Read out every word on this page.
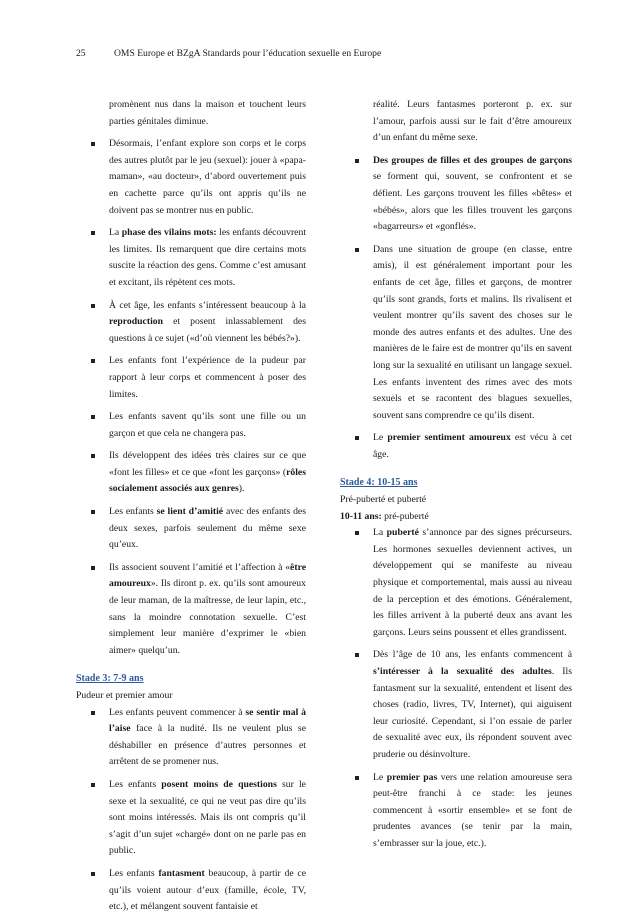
25	OMS Europe et BZgA Standards pour l’éducation sexuelle en Europe
promènent nus dans la maison et touchent leurs parties génitales diminue.
Désormais, l’enfant explore son corps et le corps des autres plutôt par le jeu (sexuel): jouer à «papa-maman», «au docteur», d’abord ouvertement puis en cachette parce qu’ils ont appris qu’ils ne doivent pas se montrer nus en public.
La phase des vilains mots: les enfants découvrent les limites. Ils remarquent que dire certains mots suscite la réaction des gens. Comme c’est amusant et excitant, ils répètent ces mots.
À cet âge, les enfants s’intéressent beaucoup à la reproduction et posent inlassablement des questions à ce sujet («d’où viennent les bébés?»).
Les enfants font l’expérience de la pudeur par rapport à leur corps et commencent à poser des limites.
Les enfants savent qu’ils sont une fille ou un garçon et que cela ne changera pas.
Ils développent des idées très claires sur ce que «font les filles» et ce que «font les garçons» (rôles socialement associés aux genres).
Les enfants se lient d’amitié avec des enfants des deux sexes, parfois seulement du même sexe qu’eux.
Ils associent souvent l’amitié et l’affection à «être amoureux». Ils diront p. ex. qu’ils sont amoureux de leur maman, de la maîtresse, de leur lapin, etc., sans la moindre connotation sexuelle. C’est simplement leur manière d’exprimer le «bien aimer» quelqu’un.
Stade 3: 7-9 ans
Pudeur et premier amour
Les enfants peuvent commencer à se sentir mal à l’aise face à la nudité. Ils ne veulent plus se déshabiller en présence d’autres personnes et arrêtent de se promener nus.
Les enfants posent moins de questions sur le sexe et la sexualité, ce qui ne veut pas dire qu’ils sont moins intéressés. Mais ils ont compris qu’il s’agit d’un sujet «chargé» dont on ne parle pas en public.
Les enfants fantasment beaucoup, à partir de ce qu’ils voient autour d’eux (famille, école, TV, etc.), et mélangent souvent fantaisie et
réalité. Leurs fantasmes porteront p. ex. sur l’amour, parfois aussi sur le fait d’être amoureux d’un enfant du même sexe.
Des groupes de filles et des groupes de garçons se forment qui, souvent, se confrontent et se défient. Les garçons trouvent les filles «bêtes» et «bébés», alors que les filles trouvent les garçons «bagarreurs» et «gonflés».
Dans une situation de groupe (en classe, entre amis), il est généralement important pour les enfants de cet âge, filles et garçons, de montrer qu’ils sont grands, forts et malins. Ils rivalisent et veulent montrer qu’ils savent des choses sur le monde des autres enfants et des adultes. Une des manières de le faire est de montrer qu’ils en savent long sur la sexualité en utilisant un langage sexuel. Les enfants inventent des rimes avec des mots sexuels et se racontent des blagues sexuelles, souvent sans comprendre ce qu’ils disent.
Le premier sentiment amoureux est vécu à cet âge.
Stade 4: 10-15 ans
Pré-puberté et puberté
10-11 ans: pré-puberté
La puberté s’annonce par des signes précurseurs. Les hormones sexuelles deviennent actives, un développement qui se manifeste au niveau physique et comportemental, mais aussi au niveau de la perception et des émotions. Généralement, les filles arrivent à la puberté deux ans avant les garçons. Leurs seins poussent et elles grandissent.
Dès l’âge de 10 ans, les enfants commencent à s’intéresser à la sexualité des adultes. Ils fantasment sur la sexualité, entendent et lisent des choses (radio, livres, TV, Internet), qui aiguisent leur curiosité. Cependant, si l’on essaie de parler de sexualité avec eux, ils répondent souvent avec pruderie ou désinvolture.
Le premier pas vers une relation amoureuse sera peut-être franchi à ce stade: les jeunes commencent à «sortir ensemble» et se font de prudentes avances (se tenir par la main, s’embrasser sur la joue, etc.).
